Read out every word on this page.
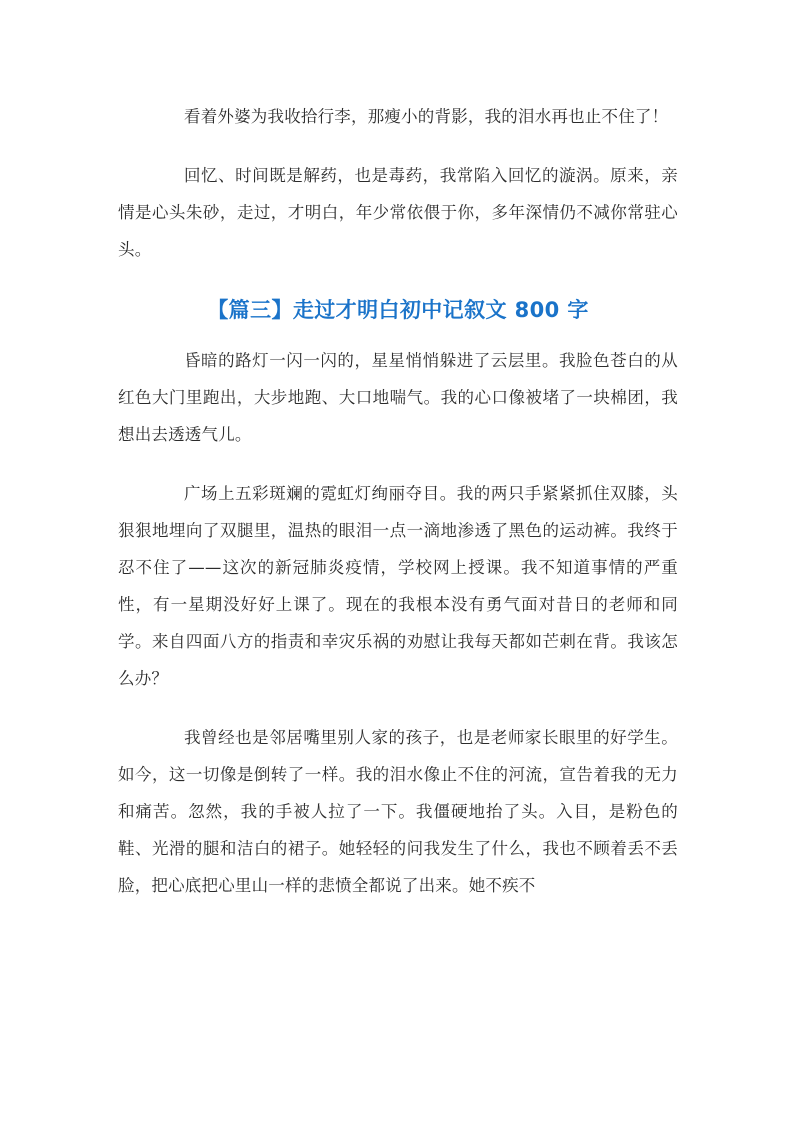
看着外婆为我收拾行李，那瘦小的背影，我的泪水再也止不住了！

回忆、时间既是解药，也是毒药，我常陷入回忆的漩涡。原来，亲情是心头朱砂，走过，才明白，年少常依偎于你，多年深情仍不减你常驻心头。

【篇三】走过才明白初中记叙文 800 字

昏暗的路灯一闪一闪的，星星悄悄躲进了云层里。我脸色苍白的从红色大门里跑出，大步地跑、大口地喘气。我的心口像被堵了一块棉团，我想出去透透气儿。

广场上五彩斑斓的霓虹灯绚丽夺目。我的两只手紧紧抓住双膝，头狠狠地埋向了双腿里，温热的眼泪一点一滴地渗透了黑色的运动裤。我终于忍不住了——这次的新冠肺炎疫情，学校网上授课。我不知道事情的严重性，有一星期没好好上课了。现在的我根本没有勇气面对昔日的老师和同学。来自四面八方的指责和幸灾乐祸的劝慰让我每天都如芒刺在背。我该怎么办？

我曾经也是邻居嘴里别人家的孩子，也是老师家长眼里的好学生。如今，这一切像是倒转了一样。我的泪水像止不住的河流，宣告着我的无力和痛苦。忽然，我的手被人拉了一下。我僵硬地抬了头。入目，是粉色的鞋、光滑的腿和洁白的裙子。她轻轻的问我发生了什么，我也不顾着丢不丢脸，把心底把心里山一样的悲愤全都说了出来。她不疾不
